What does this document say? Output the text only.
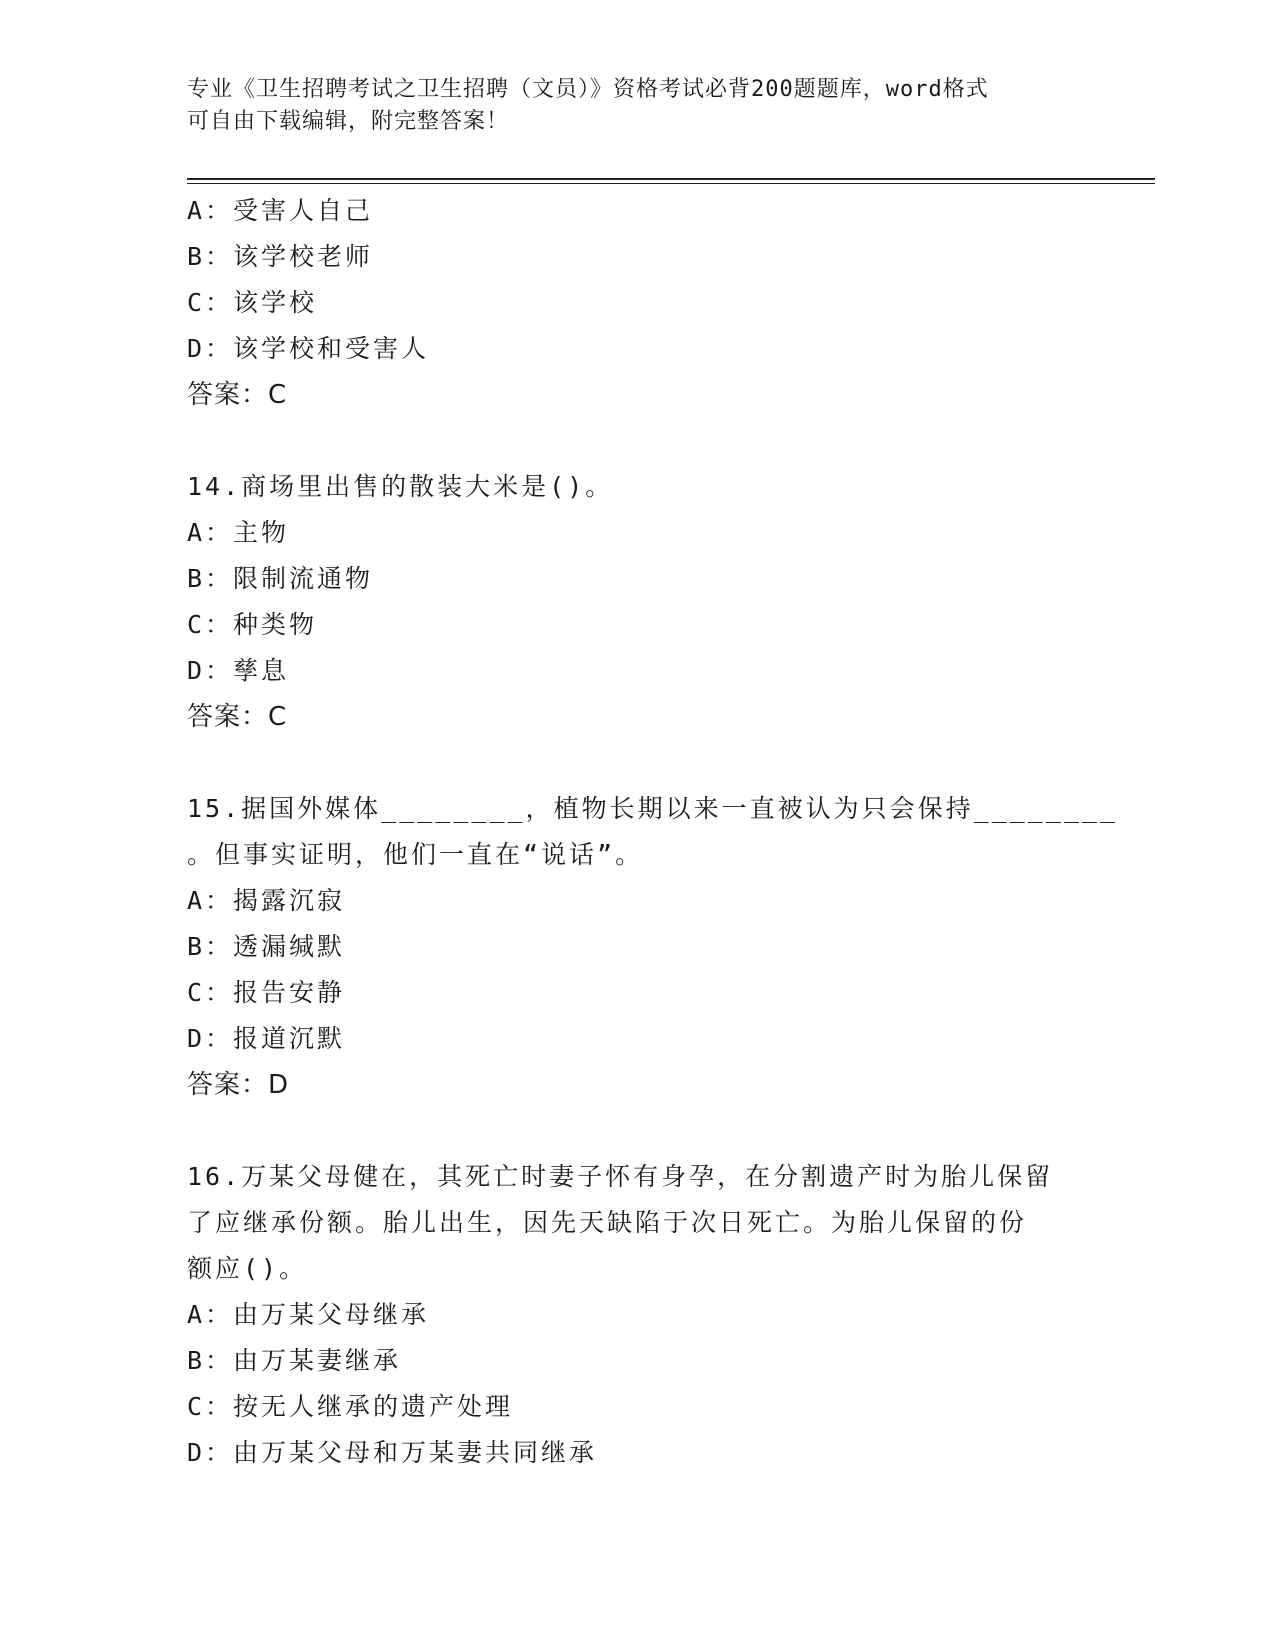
专业《卫生招聘考试之卫生招聘（文员）》资格考试必背200题题库，word格式
可自由下载编辑，附完整答案！
A：受害人自己
B：该学校老师
C：该学校
D：该学校和受害人
答案：C
14.商场里出售的散装大米是()。
A：主物
B：限制流通物
C：种类物
D：孳息
答案：C
15.据国外媒体________，植物长期以来一直被认为只会保持________
。但事实证明，他们一直在“说话”。
A：揭露沉寂
B：透漏缄默
C：报告安静
D：报道沉默
答案：D
16.万某父母健在，其死亡时妻子怀有身孕，在分割遗产时为胎儿保留
了应继承份额。胎儿出生，因先天缺陷于次日死亡。为胎儿保留的份
额应()。
A：由万某父母继承
B：由万某妻继承
C：按无人继承的遗产处理
D：由万某父母和万某妻共同继承
